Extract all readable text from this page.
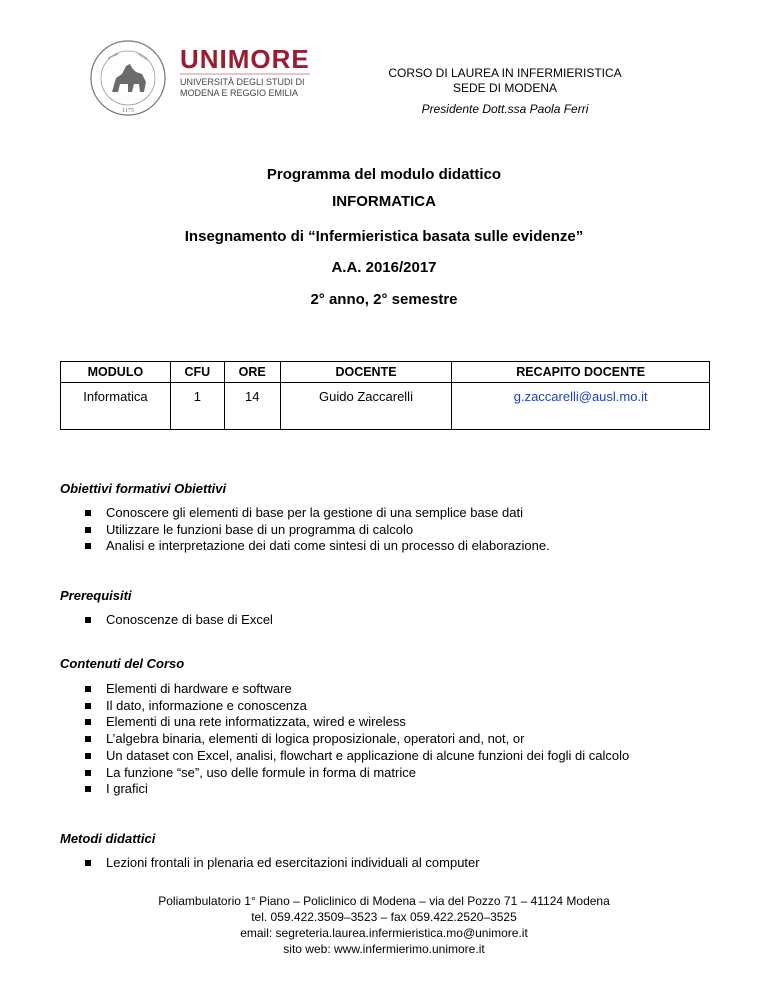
1175
UNIMORE
UNIVERSITÀ DEGLI STUDI DI
MODENA E REGGIO EMILIA
CORSO DI LAUREA IN INFERMIERISTICA
SEDE DI MODENA
Presidente Dott.ssa Paola Ferri
Programma del modulo didattico
INFORMATICA
Insegnamento di “Infermieristica basata sulle evidenze”
A.A. 2016/2017
2° anno, 2° semestre
MODULO	CFU	ORE	DOCENTE	RECAPITO DOCENTE
Informatica	1	14	Guido Zaccarelli	g.zaccarelli@ausl.mo.it
Obiettivi formativi Obiettivi
Conoscere gli elementi di base per la gestione di una semplice base dati
Utilizzare le funzioni base di un programma di calcolo
Analisi e interpretazione dei dati come sintesi di un processo di elaborazione.
Prerequisiti
Conoscenze di base di Excel
Contenuti del Corso
Elementi di hardware e software
Il dato, informazione e conoscenza
Elementi di una rete informatizzata, wired e wireless
L’algebra binaria, elementi di logica proposizionale, operatori and, not, or
Un dataset con Excel, analisi, flowchart e applicazione di alcune funzioni dei fogli di calcolo
La funzione “se”, uso delle formule in forma di matrice
I grafici
Metodi didattici
Lezioni frontali in plenaria ed esercitazioni individuali al computer
Poliambulatorio 1° Piano – Policlinico di Modena – via del Pozzo 71 – 41124 Modena
tel. 059.422.3509–3523 – fax 059.422.2520–3525
email: segreteria.laurea.infermieristica.mo@unimore.it
sito web: www.infermierimo.unimore.it
